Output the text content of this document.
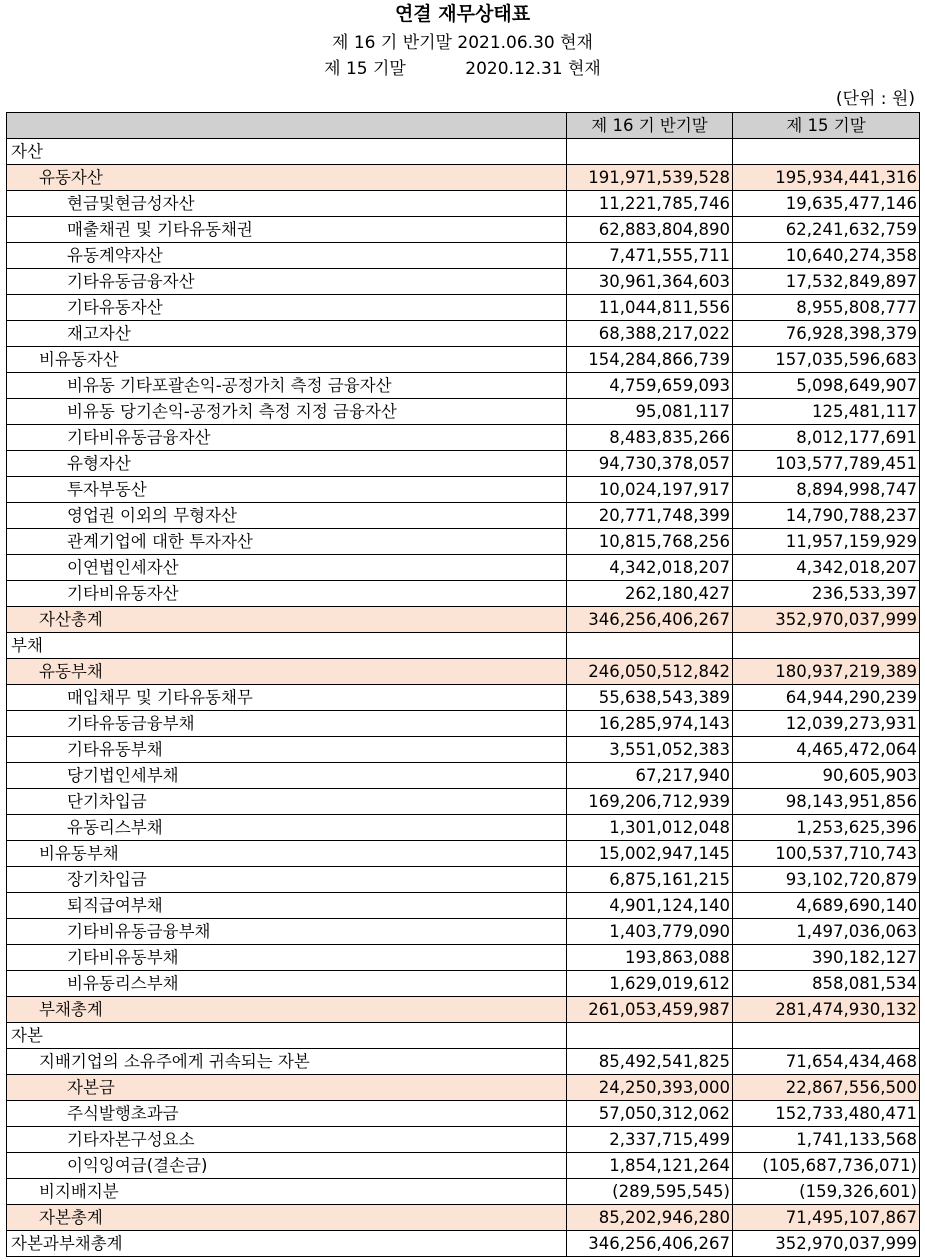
연결 재무상태표
제 16 기 반기말 2021.06.30 현재
제 15 기말           2020.12.31 현재
(단위 : 원)
	제 16 기 반기말	제 15 기말
자산		
유동자산	191,971,539,528	195,934,441,316
현금및현금성자산	11,221,785,746	19,635,477,146
매출채권 및 기타유동채권	62,883,804,890	62,241,632,759
유동계약자산	7,471,555,711	10,640,274,358
기타유동금융자산	30,961,364,603	17,532,849,897
기타유동자산	11,044,811,556	8,955,808,777
재고자산	68,388,217,022	76,928,398,379
비유동자산	154,284,866,739	157,035,596,683
비유동 기타포괄손익-공정가치 측정 금융자산	4,759,659,093	5,098,649,907
비유동 당기손익-공정가치 측정 지정 금융자산	95,081,117	125,481,117
기타비유동금융자산	8,483,835,266	8,012,177,691
유형자산	94,730,378,057	103,577,789,451
투자부동산	10,024,197,917	8,894,998,747
영업권 이외의 무형자산	20,771,748,399	14,790,788,237
관계기업에 대한 투자자산	10,815,768,256	11,957,159,929
이연법인세자산	4,342,018,207	4,342,018,207
기타비유동자산	262,180,427	236,533,397
자산총계	346,256,406,267	352,970,037,999
부채		
유동부채	246,050,512,842	180,937,219,389
매입채무 및 기타유동채무	55,638,543,389	64,944,290,239
기타유동금융부채	16,285,974,143	12,039,273,931
기타유동부채	3,551,052,383	4,465,472,064
당기법인세부채	67,217,940	90,605,903
단기차입금	169,206,712,939	98,143,951,856
유동리스부채	1,301,012,048	1,253,625,396
비유동부채	15,002,947,145	100,537,710,743
장기차입금	6,875,161,215	93,102,720,879
퇴직급여부채	4,901,124,140	4,689,690,140
기타비유동금융부채	1,403,779,090	1,497,036,063
기타비유동부채	193,863,088	390,182,127
비유동리스부채	1,629,019,612	858,081,534
부채총계	261,053,459,987	281,474,930,132
자본		
지배기업의 소유주에게 귀속되는 자본	85,492,541,825	71,654,434,468
자본금	24,250,393,000	22,867,556,500
주식발행초과금	57,050,312,062	152,733,480,471
기타자본구성요소	2,337,715,499	1,741,133,568
이익잉여금(결손금)	1,854,121,264	(105,687,736,071)
비지배지분	(289,595,545)	(159,326,601)
자본총계	85,202,946,280	71,495,107,867
자본과부채총계	346,256,406,267	352,970,037,999
